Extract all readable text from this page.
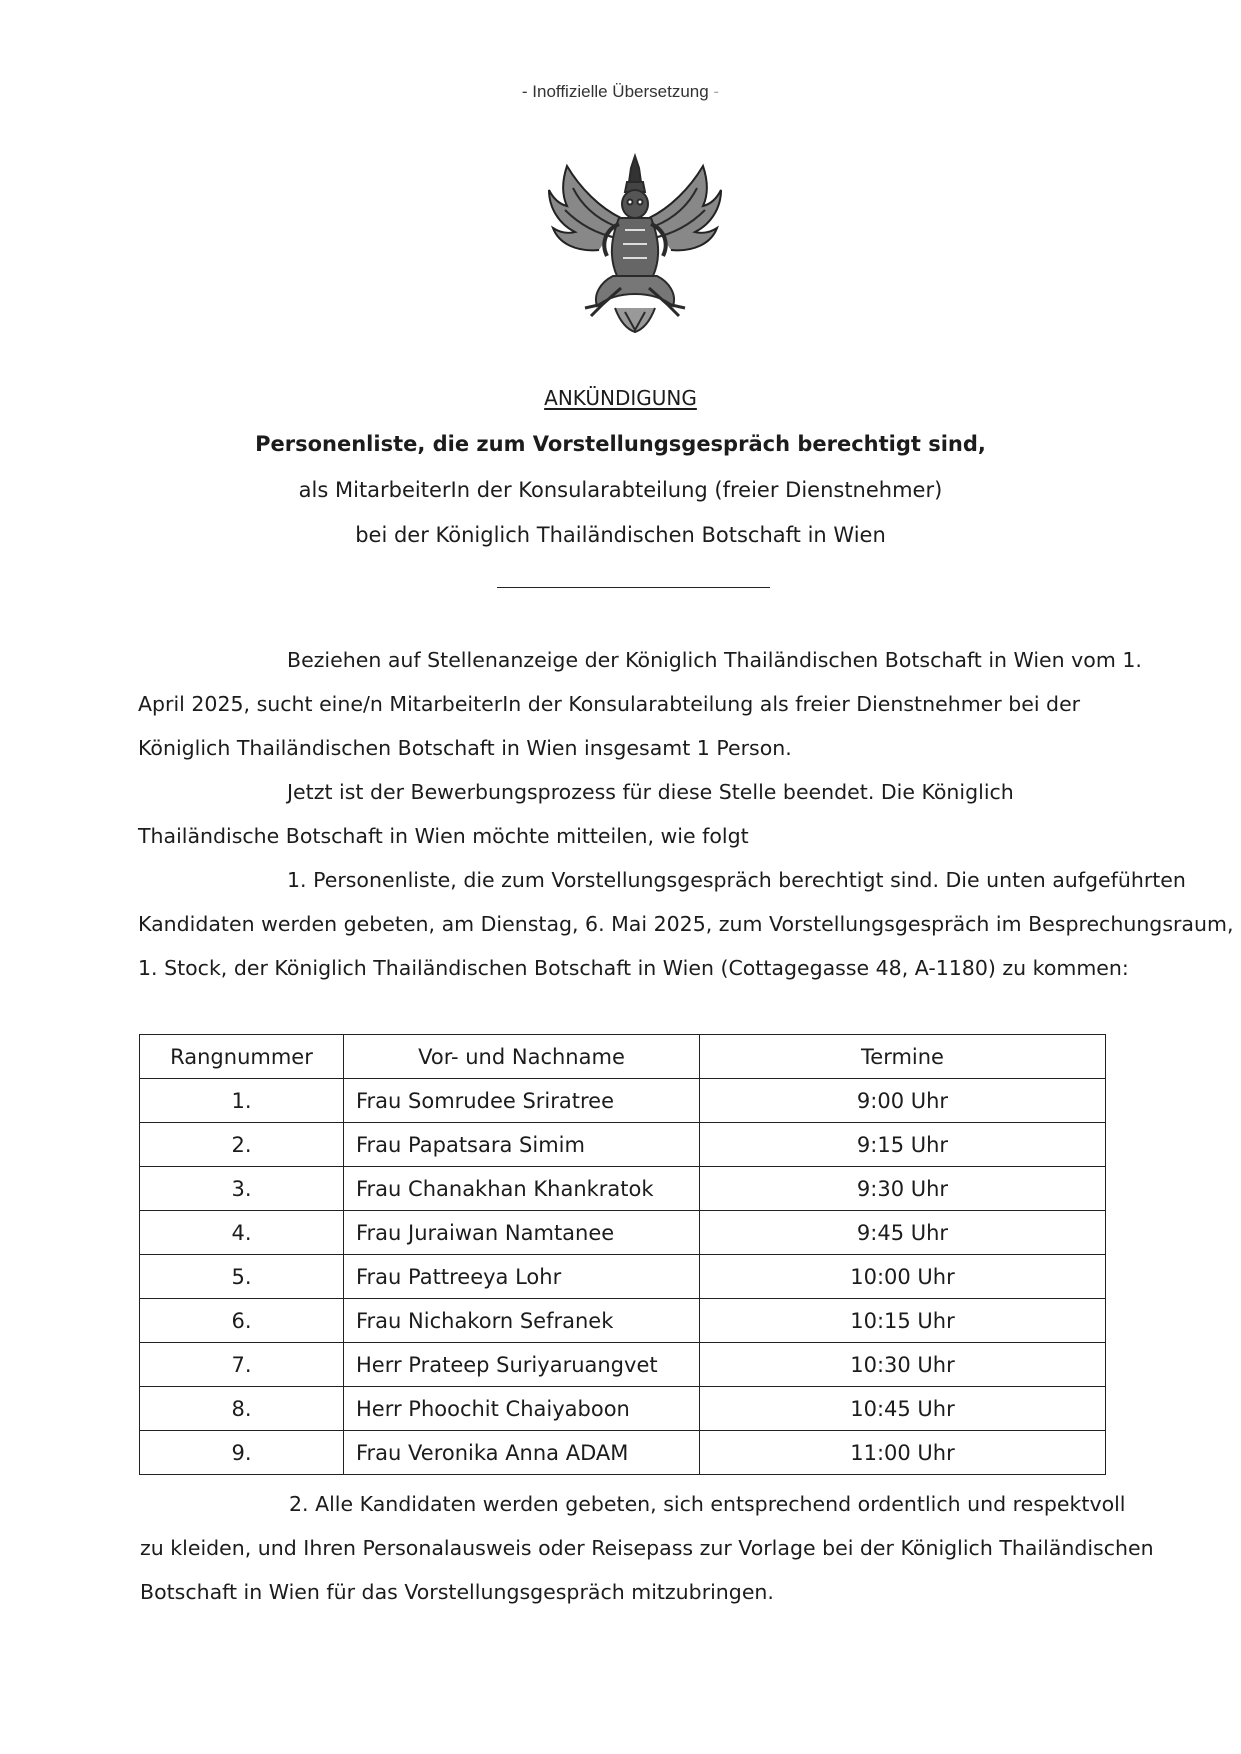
- Inoffizielle Übersetzung -
ANKÜNDIGUNG
Personenliste, die zum Vorstellungsgespräch berechtigt sind,
als MitarbeiterIn der Konsularabteilung (freier Dienstnehmer)
bei der Königlich Thailändischen Botschaft in Wien
Beziehen auf Stellenanzeige der Königlich Thailändischen Botschaft in Wien vom 1.
April 2025, sucht eine/n MitarbeiterIn der Konsularabteilung als freier Dienstnehmer bei der
Königlich Thailändischen Botschaft in Wien insgesamt 1 Person.
Jetzt ist der Bewerbungsprozess für diese Stelle beendet. Die Königlich
Thailändische Botschaft in Wien möchte mitteilen, wie folgt
1. Personenliste, die zum Vorstellungsgespräch berechtigt sind. Die unten aufgeführten
Kandidaten werden gebeten, am Dienstag, 6. Mai 2025, zum Vorstellungsgespräch im Besprechungsraum,
1. Stock, der Königlich Thailändischen Botschaft in Wien (Cottagegasse 48, A-1180) zu kommen:
Rangnummer	Vor- und Nachname	Termine
1.	Frau Somrudee Sriratree	9:00 Uhr
2.	Frau Papatsara Simim	9:15 Uhr
3.	Frau Chanakhan Khankratok	9:30 Uhr
4.	Frau Juraiwan Namtanee	9:45 Uhr
5.	Frau Pattreeya Lohr	10:00 Uhr
6.	Frau Nichakorn Sefranek	10:15 Uhr
7.	Herr Prateep Suriyaruangvet	10:30 Uhr
8.	Herr Phoochit Chaiyaboon	10:45 Uhr
9.	Frau Veronika Anna ADAM	11:00 Uhr
2. Alle Kandidaten werden gebeten, sich entsprechend ordentlich und respektvoll
zu kleiden, und Ihren Personalausweis oder Reisepass zur Vorlage bei der Königlich Thailändischen
Botschaft in Wien für das Vorstellungsgespräch mitzubringen.
